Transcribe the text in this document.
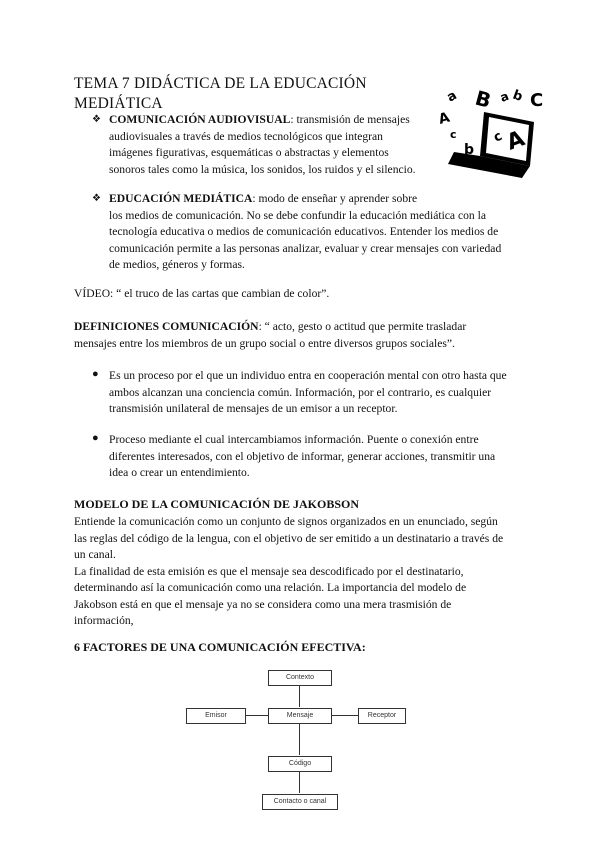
TEMA 7 DIDÁCTICA DE LA EDUCACIÓN
MEDIÁTICA	a B a b C
A
c
b
c
A
❖ COMUNICACIÓN AUDIOVISUAL: transmisión de mensajes
audiovisuales a través de medios tecnológicos que integran
imágenes figurativas, esquemáticas o abstractas y elementos
sonoros tales como la música, los sonidos, los ruidos y el silencio.
❖ EDUCACIÓN MEDIÁTICA: modo de enseñar y aprender sobre
los medios de comunicación. No se debe confundir la educación mediática con la
tecnología educativa o medios de comunicación educativos. Entender los medios de
comunicación permite a las personas analizar, evaluar y crear mensajes con variedad
de medios, géneros y formas.
VÍDEO: “ el truco de las cartas que cambian de color”.
DEFINICIONES COMUNICACIÓN: “ acto, gesto o actitud que permite trasladar
mensajes entre los miembros de un grupo social o entre diversos grupos sociales”.
● Es un proceso por el que un individuo entra en cooperación mental con otro hasta que
ambos alcanzan una conciencia común. Información, por el contrario, es cualquier
transmisión unilateral de mensajes de un emisor a un receptor.
● Proceso mediante el cual intercambiamos información. Puente o conexión entre
diferentes interesados, con el objetivo de informar, generar acciones, transmitir una
idea o crear un entendimiento.
MODELO DE LA COMUNICACIÓN DE JAKOBSON
Entiende la comunicación como un conjunto de signos organizados en un enunciado, según
las reglas del código de la lengua, con el objetivo de ser emitido a un destinatario a través de
un canal.
La finalidad de esta emisión es que el mensaje sea descodificado por el destinatario,
determinando así la comunicación como una relación. La importancia del modelo de
Jakobson está en que el mensaje ya no se considera como una mera trasmisión de
información,
6 FACTORES DE UNA COMUNICACIÓN EFECTIVA:
Contexto
Emisor	Mensaje	Receptor
Código
Contacto o canal
